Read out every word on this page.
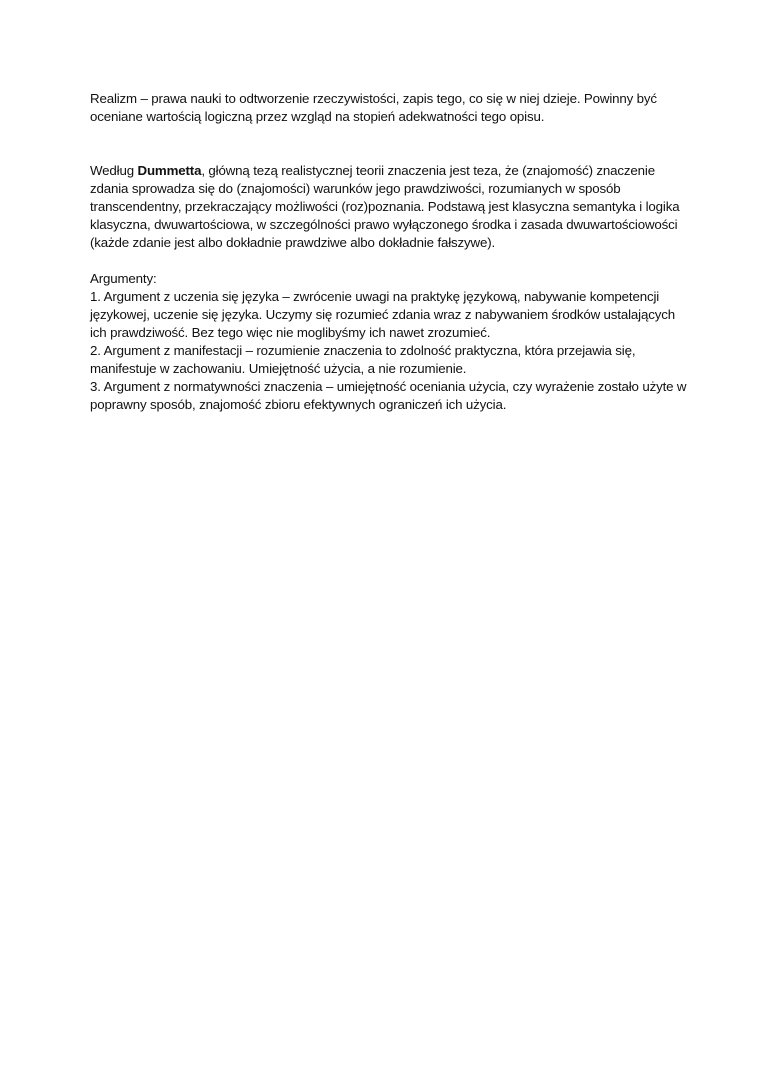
Realizm – prawa nauki to odtworzenie rzeczywistości, zapis tego, co się w niej dzieje. Powinny być
oceniane wartością logiczną przez wzgląd na stopień adekwatności tego opisu.

Według Dummetta, główną tezą realistycznej teorii znaczenia jest teza, że (znajomość) znaczenie
zdania sprowadza się do (znajomości) warunków jego prawdziwości, rozumianych w sposób
transcendentny, przekraczający możliwości (roz)poznania. Podstawą jest klasyczna semantyka i logika
klasyczna, dwuwartościowa, w szczególności prawo wyłączonego środka i zasada dwuwartościowości
(każde zdanie jest albo dokładnie prawdziwe albo dokładnie fałszywe).

Argumenty:
1. Argument z uczenia się języka – zwrócenie uwagi na praktykę językową, nabywanie kompetencji
językowej, uczenie się języka. Uczymy się rozumieć zdania wraz z nabywaniem środków ustalających
ich prawdziwość. Bez tego więc nie moglibyśmy ich nawet zrozumieć.
2. Argument z manifestacji – rozumienie znaczenia to zdolność praktyczna, która przejawia się,
manifestuje w zachowaniu. Umiejętność użycia, a nie rozumienie.
3. Argument z normatywności znaczenia – umiejętność oceniania użycia, czy wyrażenie zostało użyte w
poprawny sposób, znajomość zbioru efektywnych ograniczeń ich użycia.
